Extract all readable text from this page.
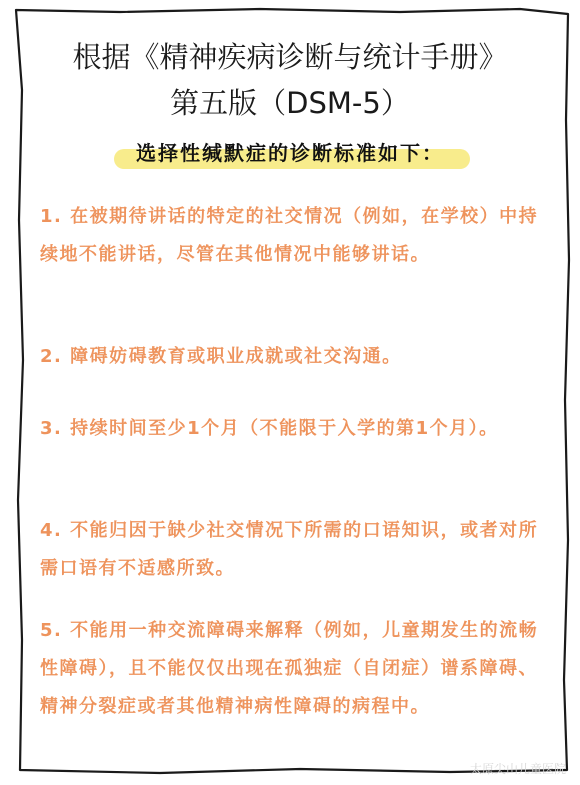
根据《精神疾病诊断与统计手册》
第五版（DSM-5）
选择性缄默症的诊断标准如下：
1. 在被期待讲话的特定的社交情况（例如，在学校）中持续地不能讲话，尽管在其他情况中能够讲话。
2. 障碍妨碍教育或职业成就或社交沟通。
3. 持续时间至少1个月（不能限于入学的第1个月）。
4. 不能归因于缺少社交情况下所需的口语知识，或者对所需口语有不适感所致。
5. 不能用一种交流障碍来解释（例如，儿童期发生的流畅性障碍），且不能仅仅出现在孤独症（自闭症）谱系障碍、精神分裂症或者其他精神病性障碍的病程中。
太原尖山儿童医院
